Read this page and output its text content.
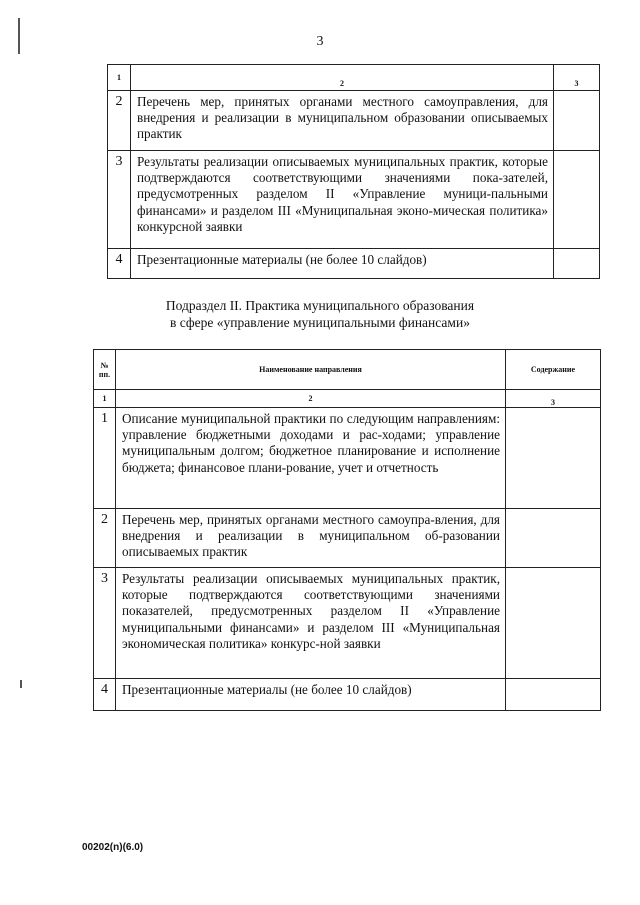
3
1	2	3
2	Перечень мер, принятых органами местного самоуправления, для внедрения и реализации в муниципальном образовании описываемых практик	
3	Результаты реализации описываемых муниципальных практик, которые подтверждаются соответствующими значениями пока-зателей, предусмотренных разделом II «Управление муници-пальными финансами» и разделом III «Муниципальная эконо-мическая политика» конкурсной заявки	
4	Презентационные материалы (не более 10 слайдов)	
Подраздел II. Практика муниципального образования
в сфере «управление муниципальными финансами»
№ пп.	Наименование направления	Содержание
1	2	3
1	Описание муниципальной практики по следующим направлениям: управление бюджетными доходами и рас-ходами; управление муниципальным долгом; бюджетное планирование и исполнение бюджета; финансовое плани-рование, учет и отчетность	
2	Перечень мер, принятых органами местного самоупра-вления, для внедрения и реализации в муниципальном об-разовании описываемых практик	
3	Результаты реализации описываемых муниципальных практик, которые подтверждаются соответствующими значениями показателей, предусмотренных разделом II «Управление муниципальными финансами» и разделом III «Муниципальная экономическая политика» конкурс-ной заявки	
4	Презентационные материалы (не более 10 слайдов)	
00202(n)(6.0)
